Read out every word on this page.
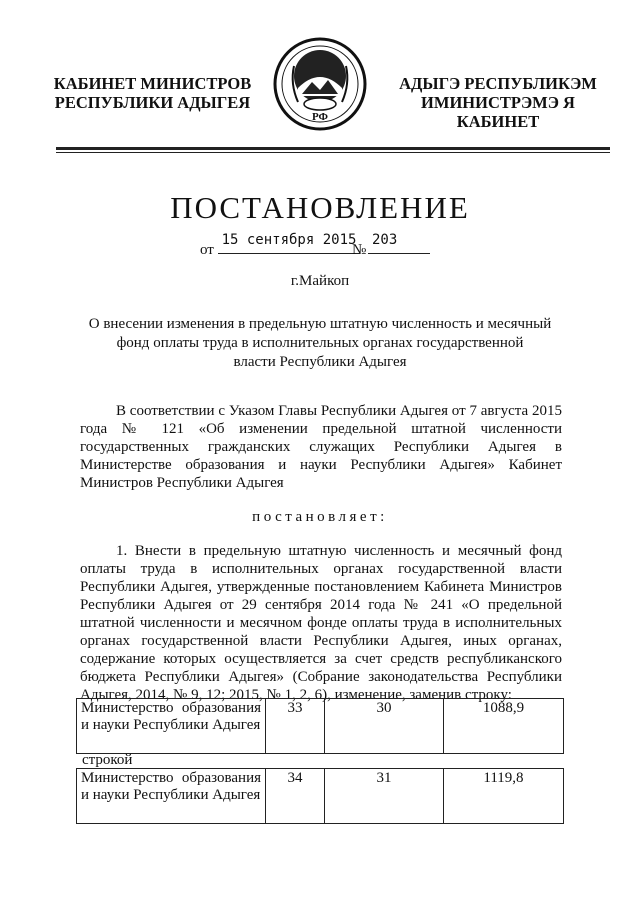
КАБИНЕТ МИНИСТРОВ
РЕСПУБЛИКИ АДЫГЕЯ
РФ
АДЫГЭ РЕСПУБЛИКЭМ
ИМИНИСТРЭМЭ Я КАБИНЕТ
ПОСТАНОВЛЕНИЕ
от
15 сентября 2015
№
203
г.Майкоп
О внесении изменения в предельную штатную численность и месячный
фонд оплаты труда в исполнительных органах государственной
власти Республики Адыгея
В соответствии с Указом Главы Республики Адыгея от 7 августа 2015 года № 121 «Об изменении предельной штатной численности государственных гражданских служащих Республики Адыгея в Министерстве образования и науки Республики Адыгея» Кабинет Министров Республики Адыгея
постановляет:
1. Внести в предельную штатную численность и месячный фонд оплаты труда в исполнительных органах государственной власти Республики Адыгея, утвержденные постановлением Кабинета Министров Республики Адыгея от 29 сентября 2014 года № 241 «О предельной штатной численности и месячном фонде оплаты труда в исполнительных органах государственной власти Республики Адыгея, иных органах, содержание которых осуществляется за счет средств республиканского бюджета Республики Адыгея» (Собрание законодательства Республики Адыгея, 2014, № 9, 12; 2015, № 1, 2, 6), изменение, заменив строку:
Министерство образования и науки Республики Адыгея	33	30	1088,9
строкой
Министерство образования и науки Республики Адыгея	34	31	1119,8
